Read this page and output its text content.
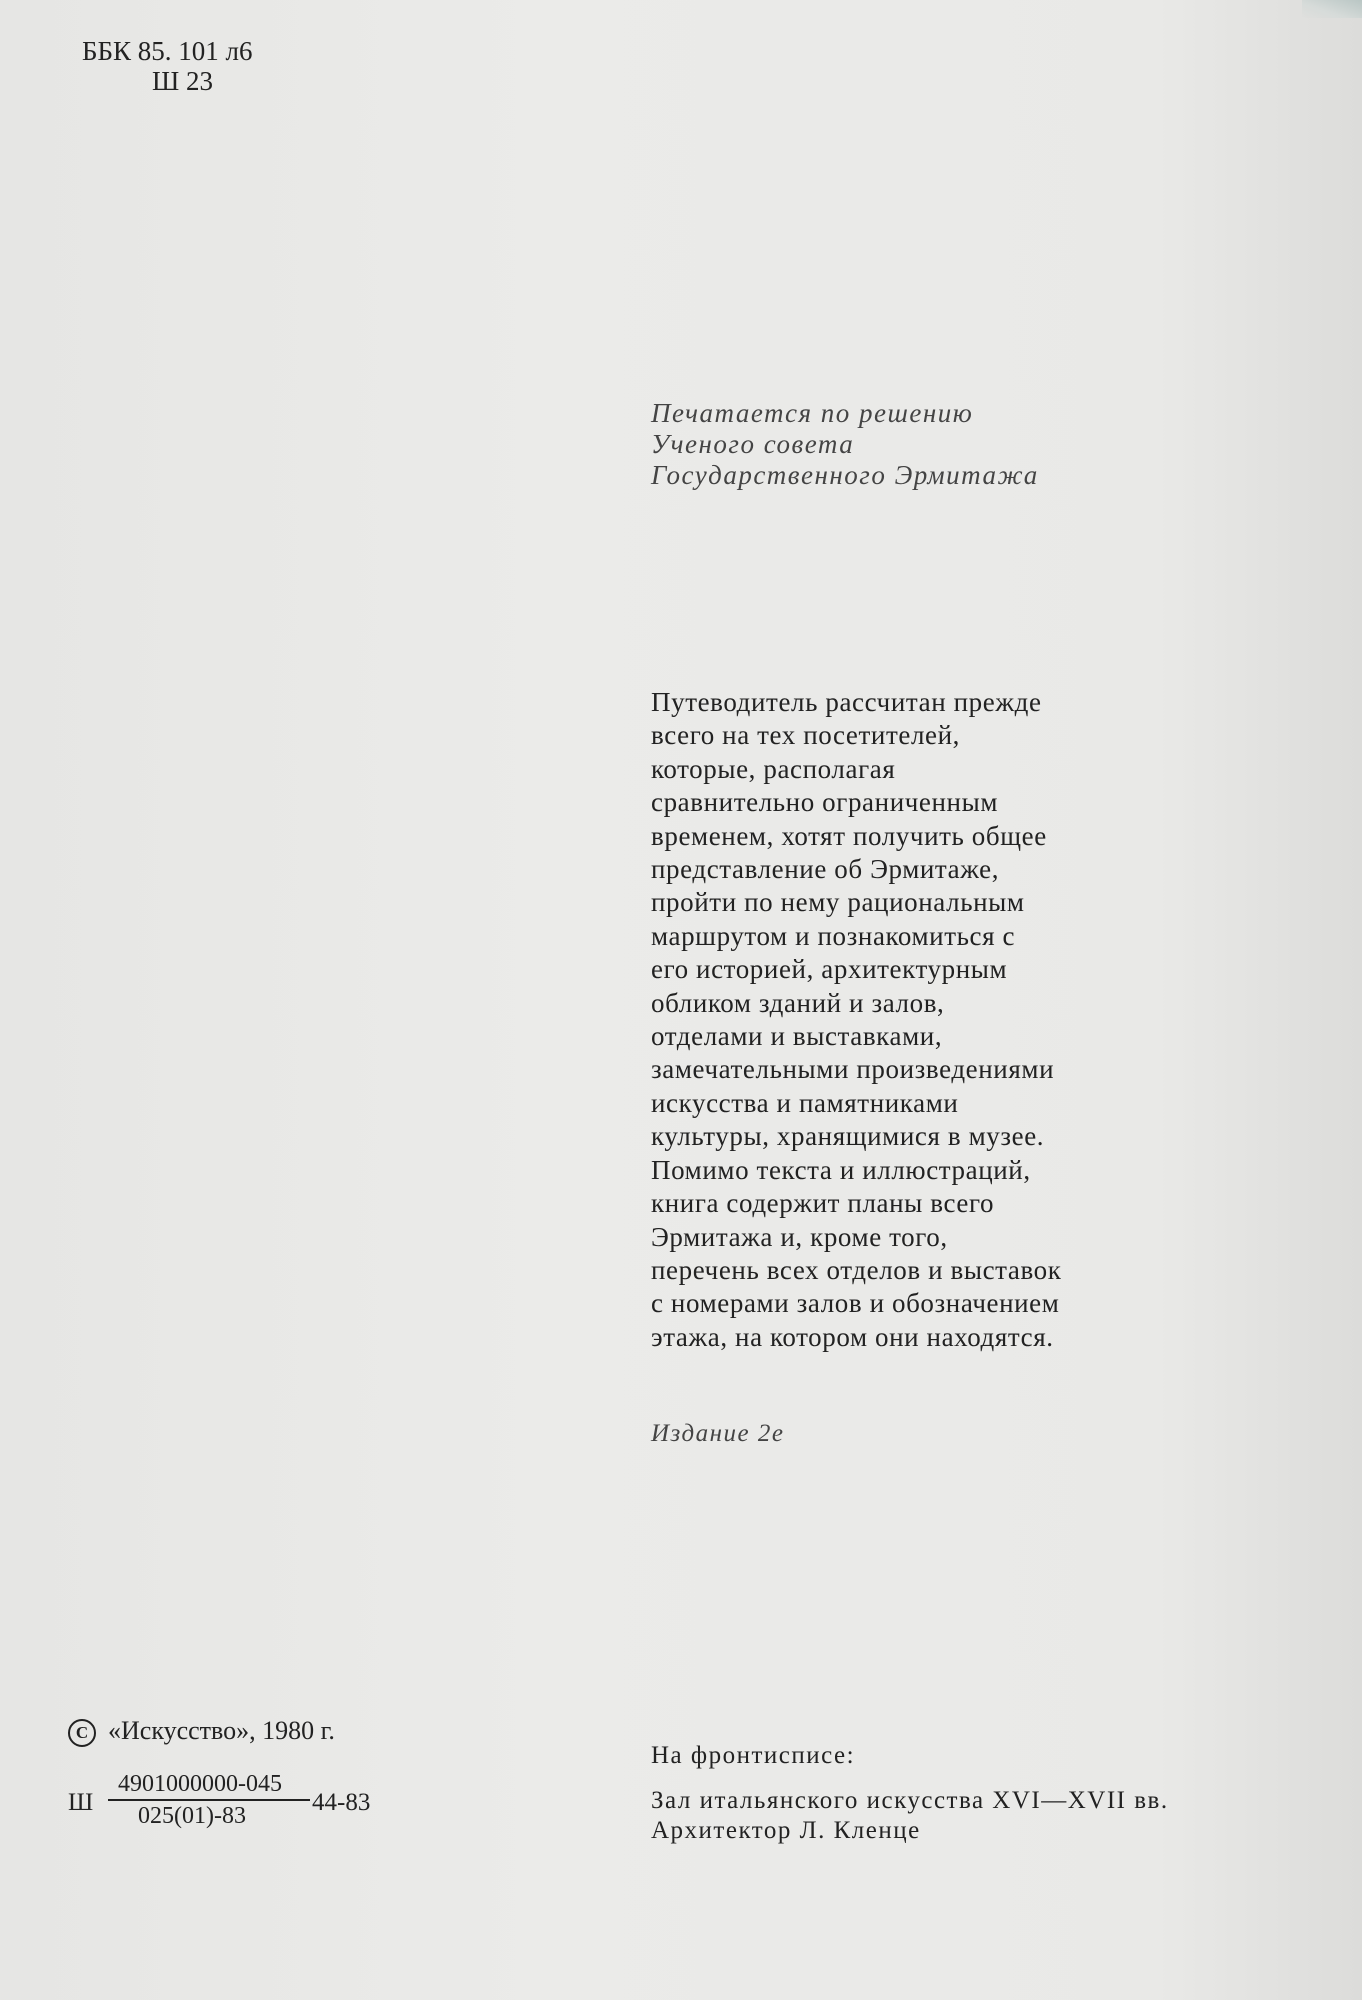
ББК 85. 101 л6
Ш 23
Печатается по решению
Ученого совета
Государственного Эрмитажа
Путеводитель рассчитан прежде
всего на тех посетителей,
которые, располагая
сравнительно ограниченным
временем, хотят получить общее
представление об Эрмитаже,
пройти по нему рациональным
маршрутом и познакомиться с
его историей, архитектурным
обликом зданий и залов,
отделами и выставками,
замечательными произведениями
искусства и памятниками
культуры, хранящимися в музее.
Помимо текста и иллюстраций,
книга содержит планы всего
Эрмитажа и, кроме того,
перечень всех отделов и выставок
с номерами залов и обозначением
этажа, на котором они находятся.
Издание 2е
C «Искусство», 1980 г.
Ш $\frac{4901000000-045}{025(01)-83}$
44-83
На фронтисписе:
Зал итальянского искусства XVI—XVII вв.
Архитектор Л. Кленце
